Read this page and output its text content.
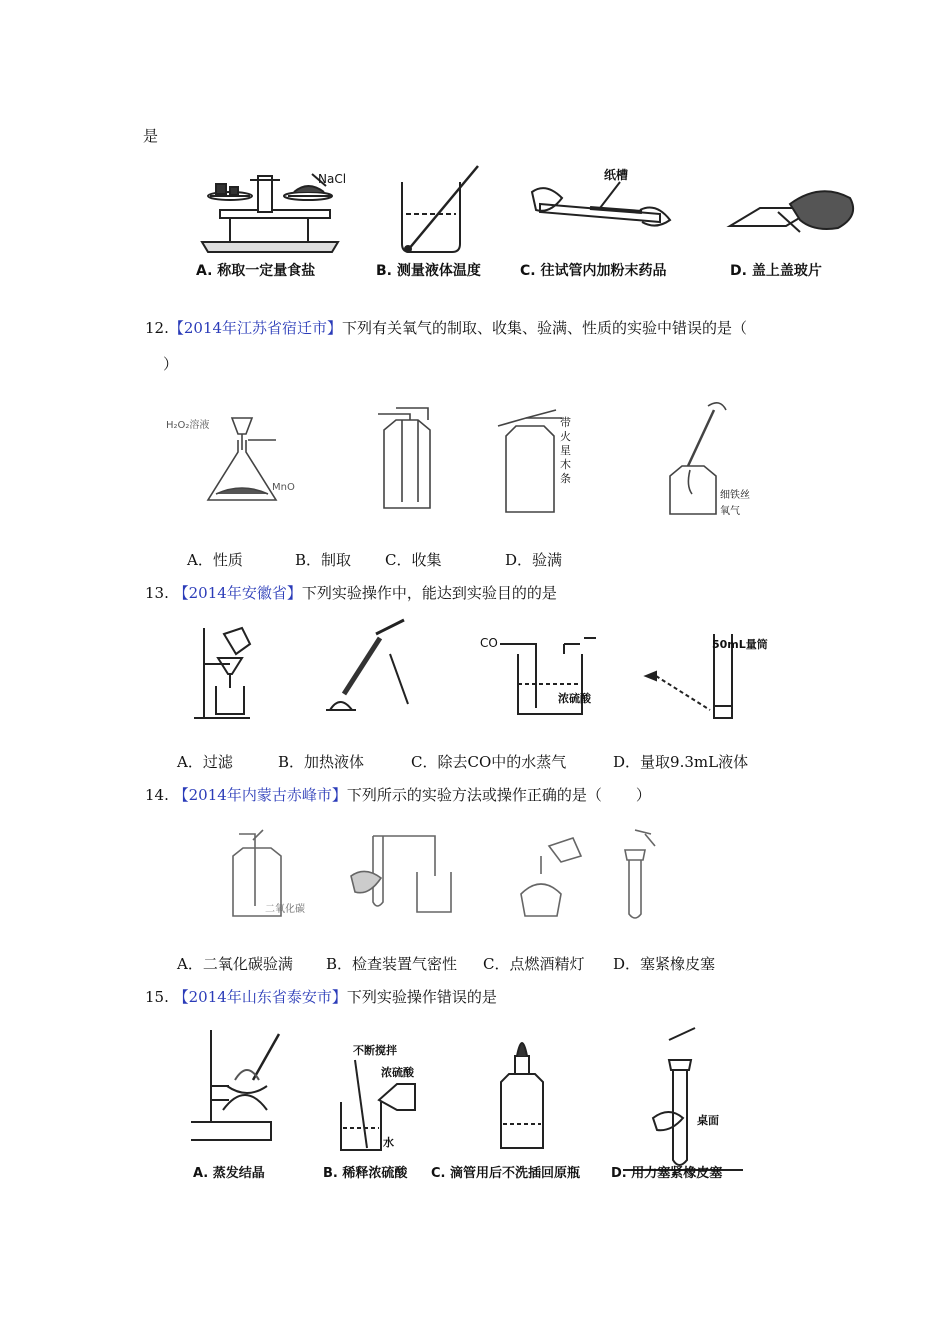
是
NaCl	纸槽
A. 称取一定量食盐	B. 测量液体温度	C. 往试管内加粉末药品	D. 盖上盖玻片
12.【2014年江苏省宿迁市】下列有关氧气的制取、收集、验满、性质的实验中错误的是（
）
H₂O₂溶液
MnO
带火星木条
细铁丝
氧气
A．性质	B．制取 C．收集	D．验满
13. 【2014年安徽省】下列实验操作中，能达到实验目的的是
CO
浓硫酸
50mL量筒
A．过滤	B．加热液体	C．除去CO中的水蒸气	D．量取9.3mL液体
14. 【2014年内蒙古赤峰市】下列所示的实验方法或操作正确的是（ ）
二氧化碳
A．二氧化碳验满 B．检查装置气密性 C．点燃酒精灯 D．塞紧橡皮塞
15. 【2014年山东省泰安市】下列实验操作错误的是
不断搅拌
浓硫酸
水
桌面
A. 蒸发结晶	B. 稀释浓硫酸 C. 滴管用后不洗插回原瓶 D. 用力塞紧橡皮塞
